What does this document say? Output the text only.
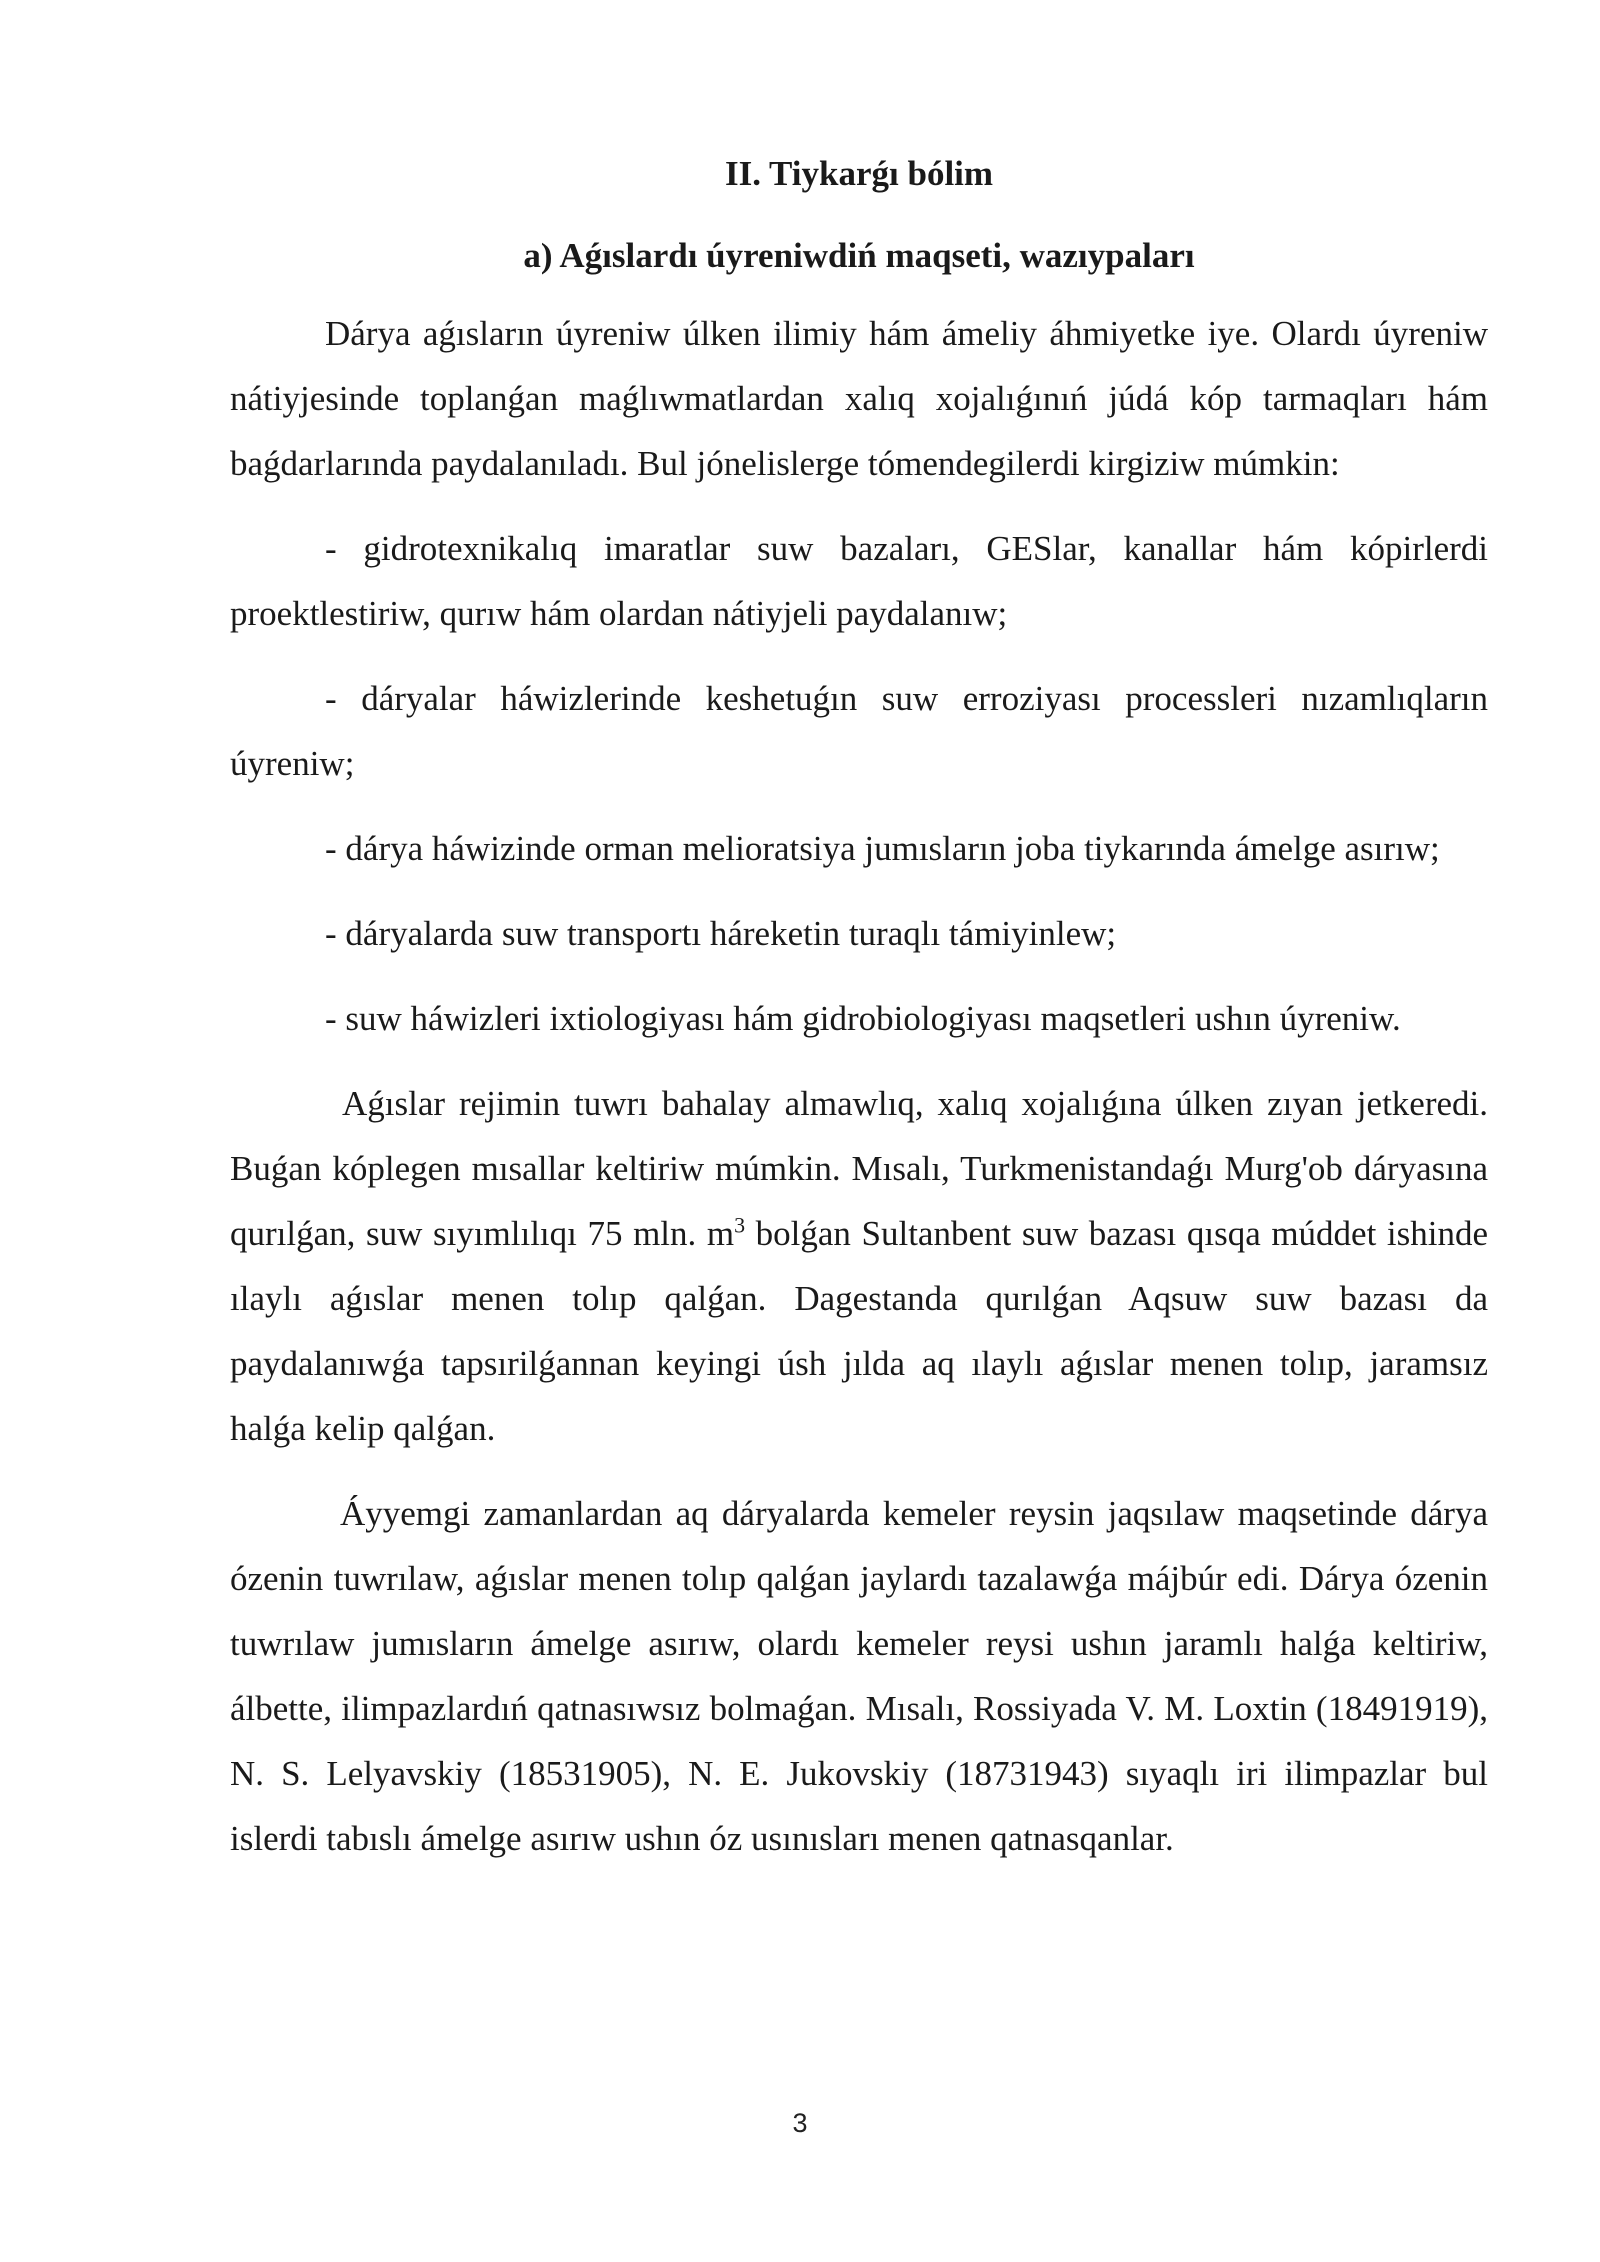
II. Tiykarǵı bólim
a) Aǵıslardı úyreniwdiń maqseti, wazıypaları

Dárya aǵısların úyreniw úlken ilimiy hám ámeliy áhmiyetke iye. Olardı úyreniw nátiyjesinde toplanǵan maǵlıwmatlardan xalıq xojalıǵınıń júdá kóp tarmaqları hám baǵdarlarında paydalanıladı. Bul jónelislerge tómendegilerdi kirgiziw múmkin:

- gidrotexnikalıq imaratlar suw bazaları, GESlar, kanallar hám kópirlerdi proektlestiriw, qurıw hám olardan nátiyjeli paydalanıw;

- dáryalar háwizlerinde keshetuǵın suw erroziyası processleri nızamlıqların úyreniw;

- dárya háwizinde orman melioratsiya jumısların joba tiykarında ámelge asırıw;

- dáryalarda suw transportı háreketin turaqlı támiyinlew;

- suw háwizleri ixtiologiyası hám gidrobiologiyası maqsetleri ushın úyreniw.

Aǵıslar rejimin tuwrı bahalay almawlıq, xalıq xojalıǵına úlken zıyan jetkeredi. Buǵan kóplegen mısallar keltiriw múmkin. Mısalı, Turkmenistandaǵı Murg'ob dáryasına qurılǵan, suw sıyımlılıqı 75 mln. $m^3$ bolǵan Sultanbent suw bazası qısqa múddet ishinde ılaylı aǵıslar menen tolıp qalǵan. Dagestanda qurılǵan Aqsuw suw bazası da paydalanıwǵa tapsırilǵannan keyingi úsh jılda aq ılaylı aǵıslar menen tolıp, jaramsız halǵa kelip qalǵan.

Áyyemgi zamanlardan aq dáryalarda kemeler reysin jaqsılaw maqsetinde dárya ózenin tuwrılaw, aǵıslar menen tolıp qalǵan jaylardı tazalawǵa májbúr edi. Dárya ózenin tuwrılaw jumısların ámelge asırıw, olardı kemeler reysi ushın jaramlı halǵa keltiriw, álbette, ilimpazlardıń qatnasıwsız bolmaǵan. Mısalı, Rossiyada V. M. Loxtin (18491919), N. S. Lelyavskiy (18531905), N. E. Jukovskiy (18731943) sıyaqlı iri ilimpazlar bul islerdi tabıslı ámelge asırıw ushın óz usınısları menen qatnasqanlar.

3
